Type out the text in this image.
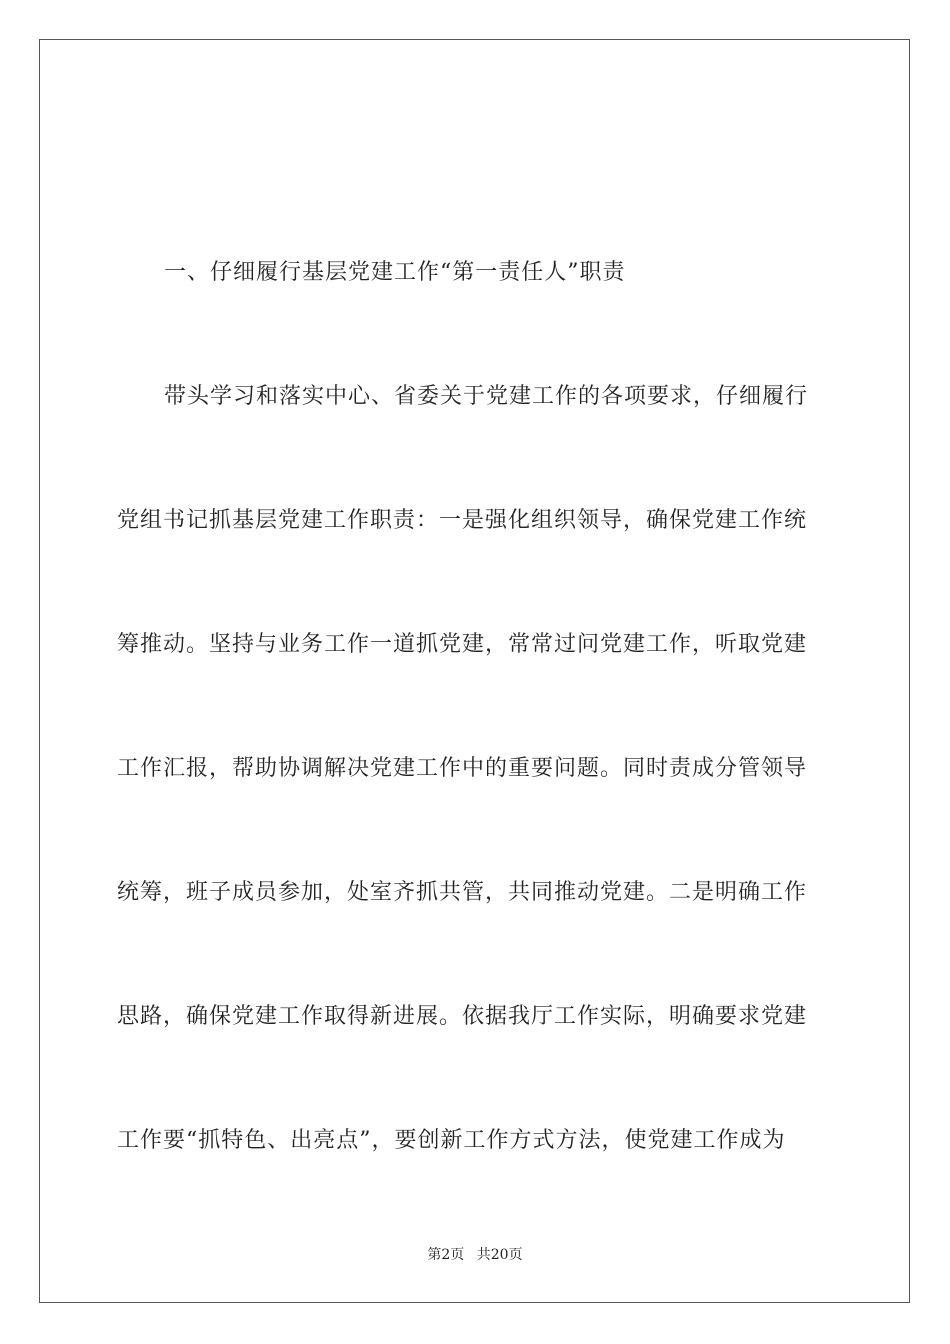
一、仔细履行基层党建工作“第一责任人”职责
带头学习和落实中心、省委关于党建工作的各项要求，仔细履行
党组书记抓基层党建工作职责：一是强化组织领导，确保党建工作统
筹推动。坚持与业务工作一道抓党建，常常过问党建工作，听取党建
工作汇报，帮助协调解决党建工作中的重要问题。同时责成分管领导
统筹，班子成员参加，处室齐抓共管，共同推动党建。二是明确工作
思路，确保党建工作取得新进展。依据我厅工作实际，明确要求党建
工作要“抓特色、出亮点”，要创新工作方式方法，使党建工作成为
第2页 共20页
